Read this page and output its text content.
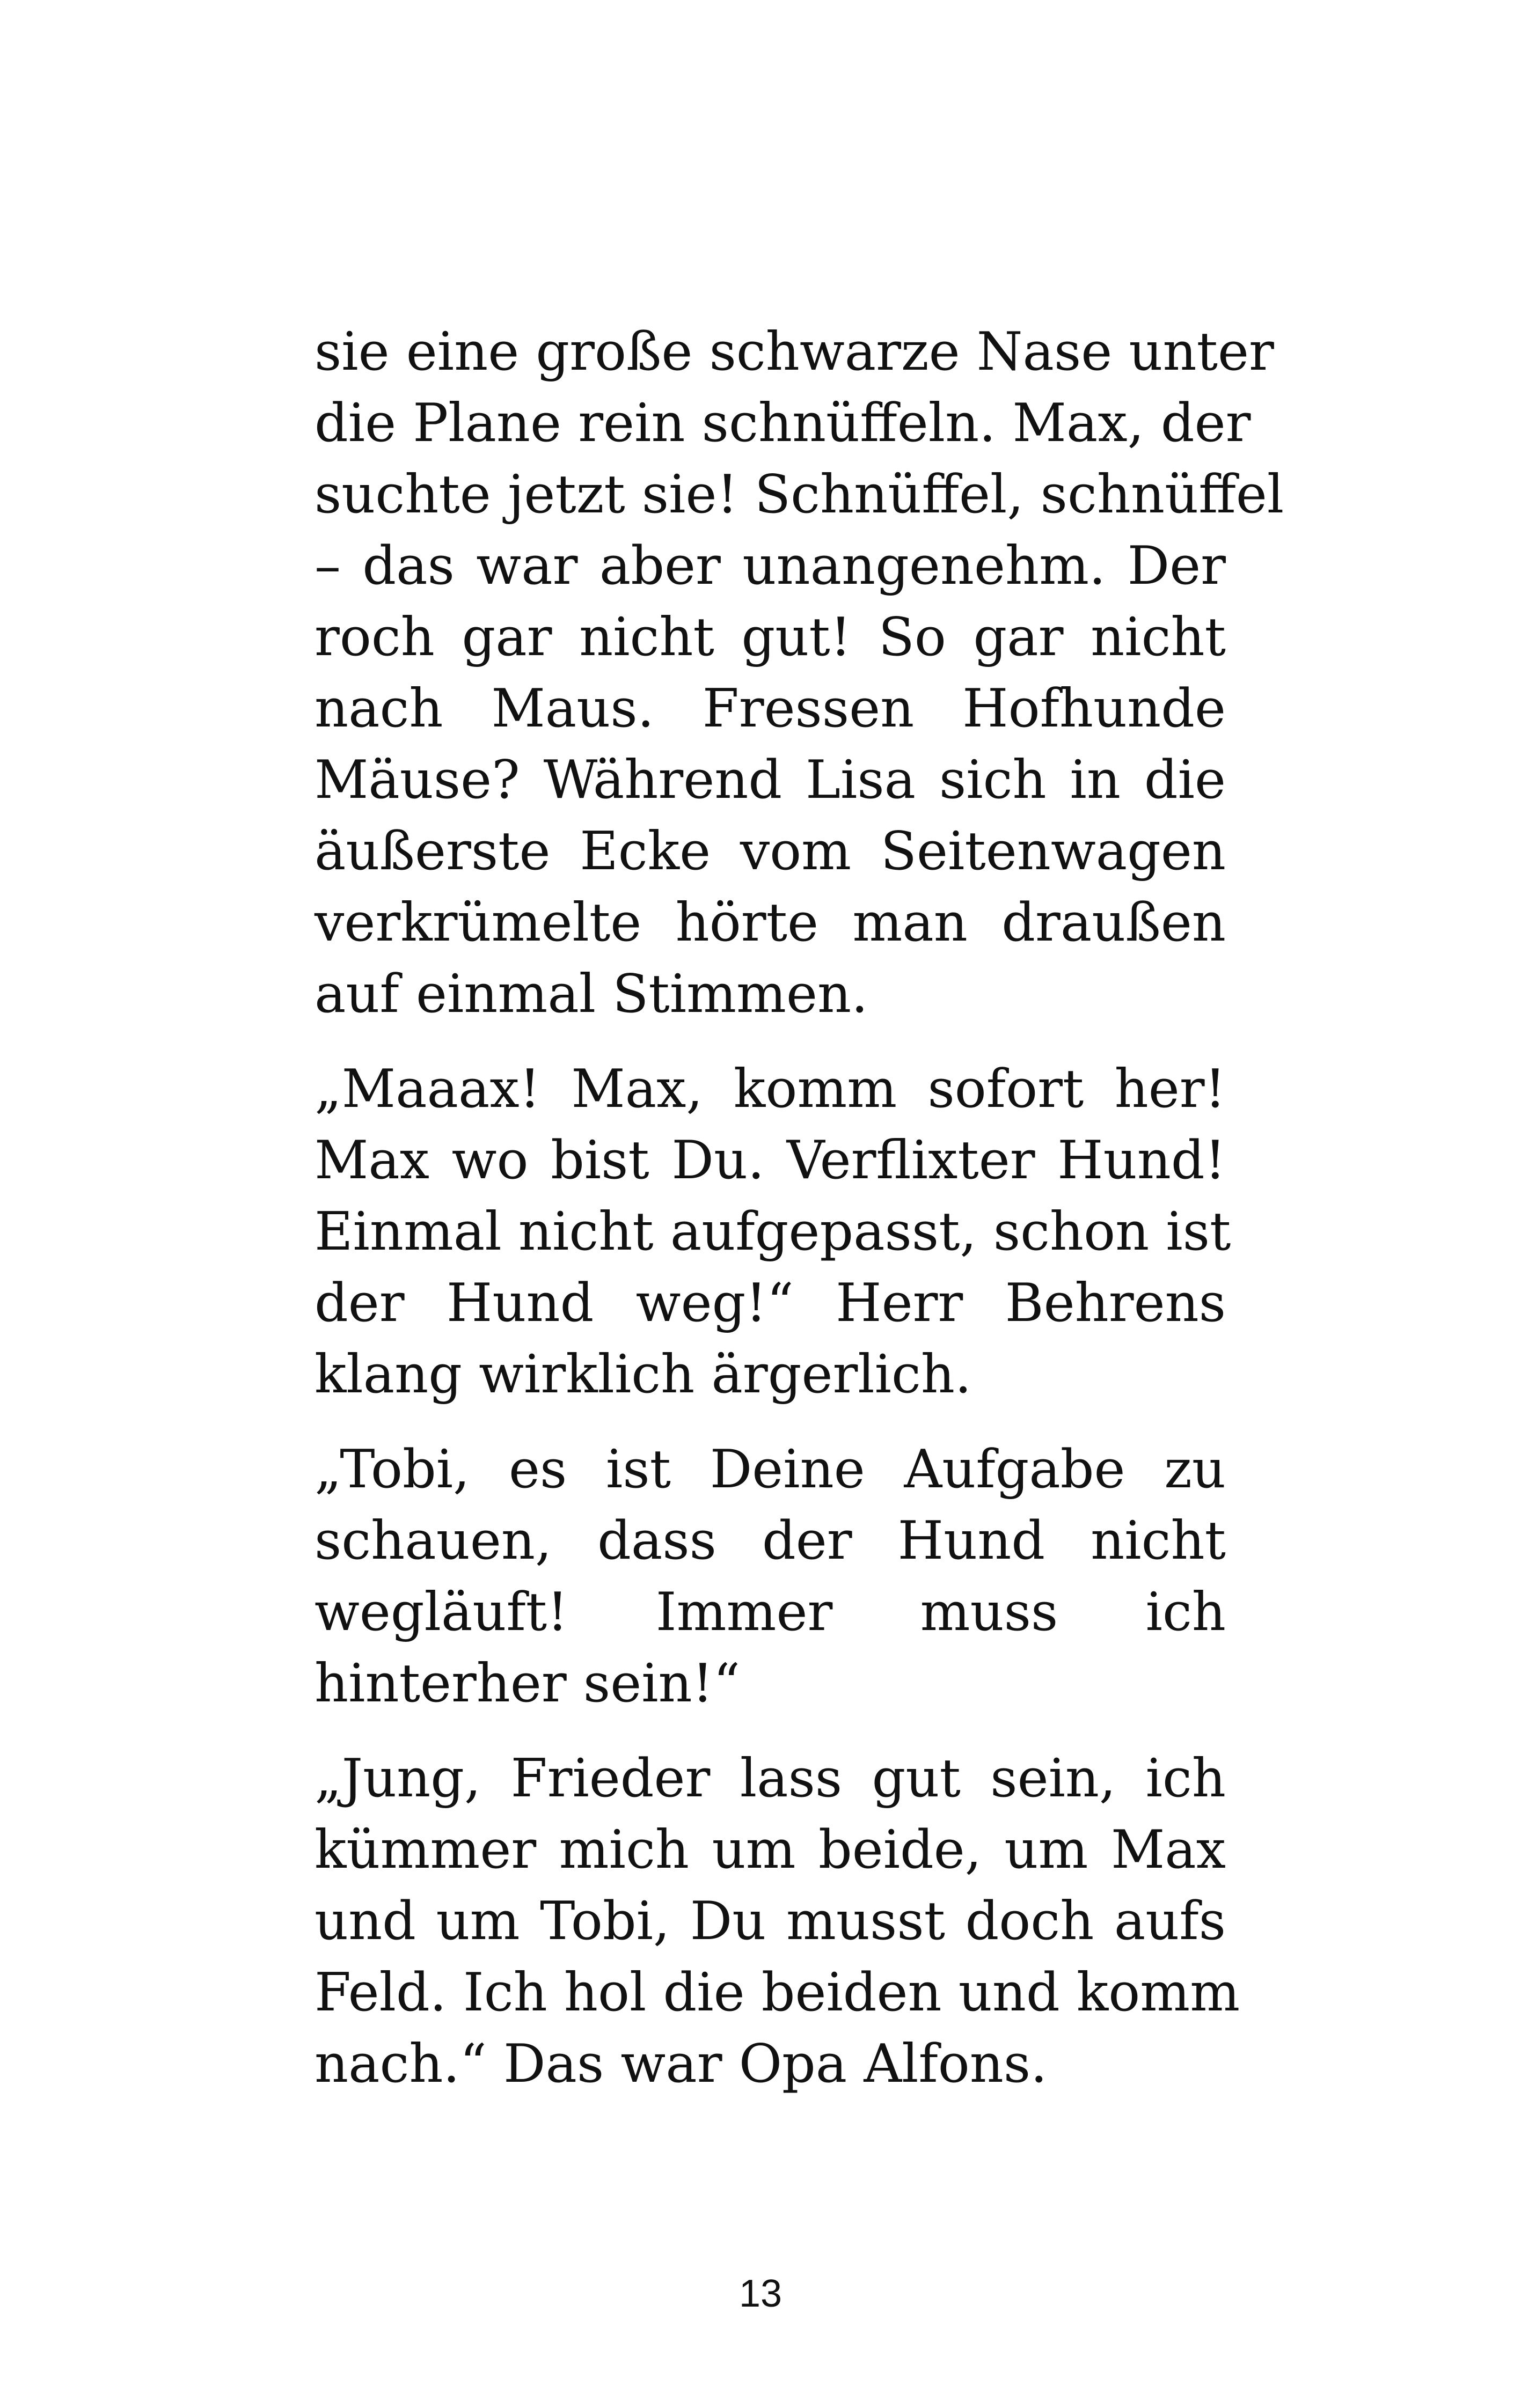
sie eine große schwarze Nase unter
die Plane rein schnüffeln. Max, der
suchte jetzt sie! Schnüffel, schnüffel
– das war aber unangenehm. Der
roch gar nicht gut! So gar nicht
nach Maus. Fressen Hofhunde
Mäuse? Während Lisa sich in die
äußerste Ecke vom Seitenwagen
verkrümelte hörte man draußen
auf einmal Stimmen.

„Maaax! Max, komm sofort her!
Max wo bist Du. Verflixter Hund!
Einmal nicht aufgepasst, schon ist
der Hund weg!“ Herr Behrens
klang wirklich ärgerlich.

„Tobi, es ist Deine Aufgabe zu
schauen, dass der Hund nicht
wegläuft! Immer muss ich
hinterher sein!“

„Jung, Frieder lass gut sein, ich
kümmer mich um beide, um Max
und um Tobi, Du musst doch aufs
Feld. Ich hol die beiden und komm
nach.“ Das war Opa Alfons.

13
